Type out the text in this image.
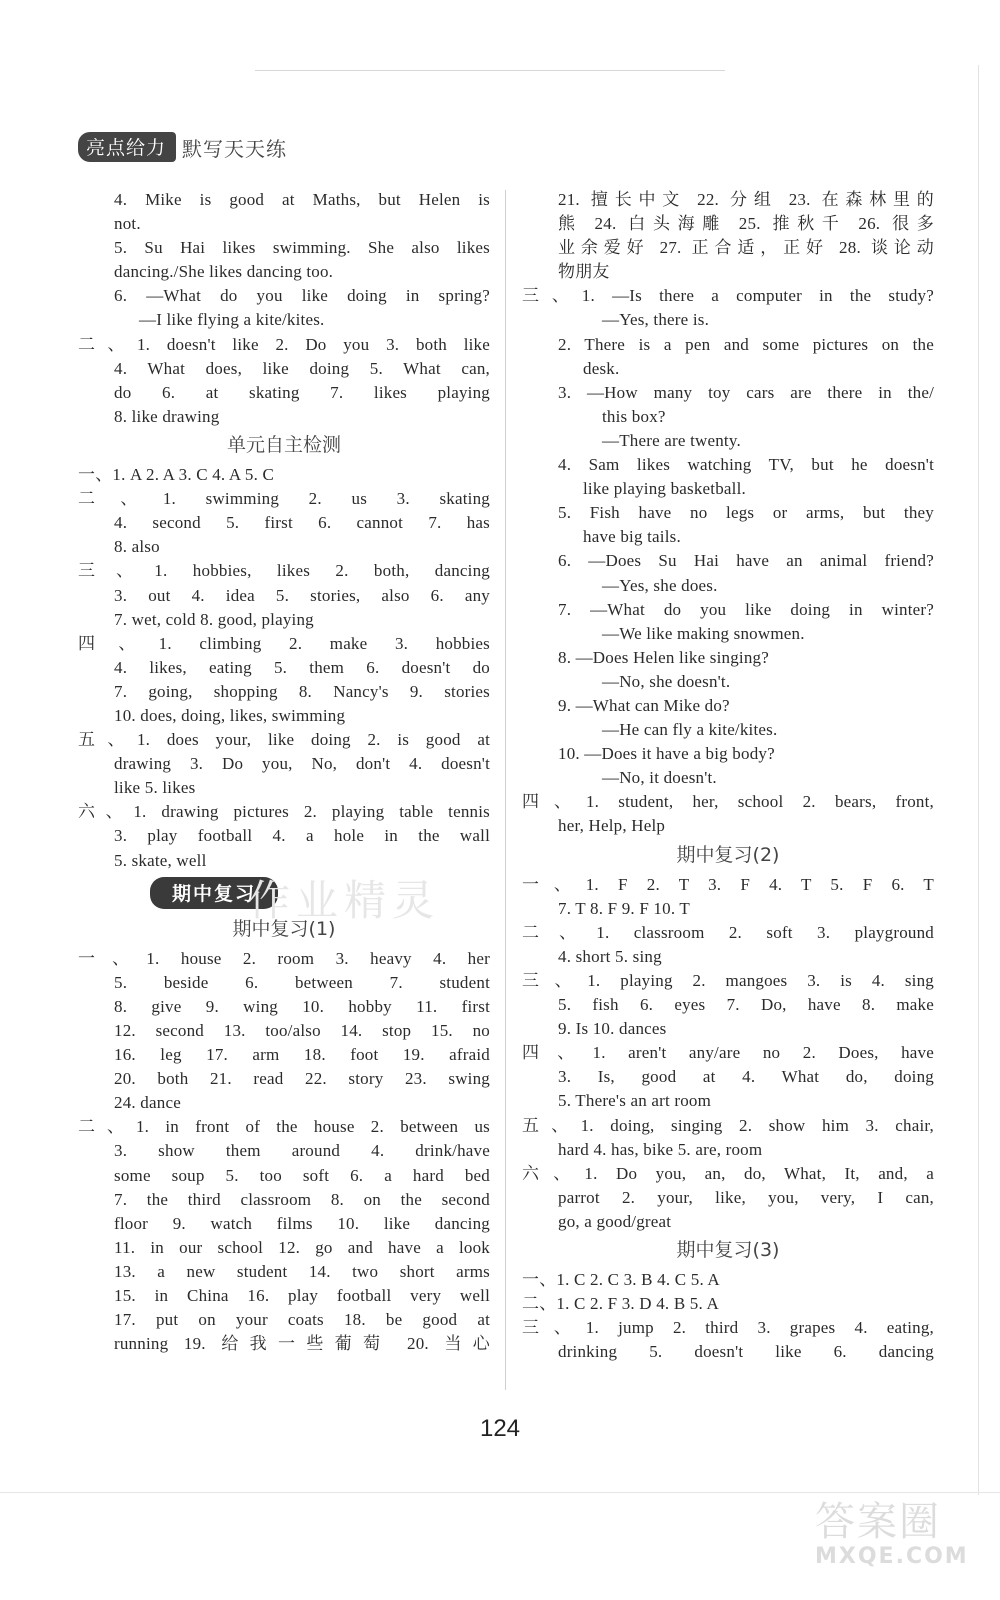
亮点给力 默写天天练
4. Mike is good at Maths, but Helen is
not.
5. Su Hai likes swimming. She also likes
dancing./She likes dancing too.
6. —What do you like doing in spring?
—I like flying a kite/kites.
二、1. doesn't like 2. Do you 3. both like
4. What does, like doing 5. What can,
do 6. at skating 7. likes playing
8. like drawing
单元自主检测
一、1. A 2. A 3. C 4. A 5. C
二、1. swimming 2. us 3. skating
4. second 5. first 6. cannot 7. has
8. also
三、1. hobbies, likes 2. both, dancing
3. out 4. idea 5. stories, also 6. any
7. wet, cold 8. good, playing
四、1. climbing 2. make 3. hobbies
4. likes, eating 5. them 6. doesn't do
7. going, shopping 8. Nancy's 9. stories
10. does, doing, likes, swimming
五、1. does your, like doing 2. is good at
drawing 3. Do you, No, don't 4. doesn't
like 5. likes
六、1. drawing pictures 2. playing table tennis
3. play football 4. a hole in the wall
5. skate, well
期中复习
期中复习(1)
一、1. house 2. room 3. heavy 4. her
5. beside 6. between 7. student
8. give 9. wing 10. hobby 11. first
12. second 13. too/also 14. stop 15. no
16. leg 17. arm 18. foot 19. afraid
20. both 21. read 22. story 23. swing
24. dance
二、1. in front of the house 2. between us
3. show them around 4. drink/have
some soup 5. too soft 6. a hard bed
7. the third classroom 8. on the second
floor 9. watch films 10. like dancing
11. in our school 12. go and have a look
13. a new student 14. two short arms
15. in China 16. play football very well
17. put on your coats 18. be good at
running 19. 给我一些葡萄 20. 当心
21. 擅长中文 22. 分组 23. 在森林里的
熊 24. 白头海雕 25. 推秋千 26. 很多
业余爱好 27. 正合适，正好 28. 谈论动
物朋友
三、1. —Is there a computer in the study?
—Yes, there is.
2. There is a pen and some pictures on the
desk.
3. —How many toy cars are there in the/
this box?
—There are twenty.
4. Sam likes watching TV, but he doesn't
like playing basketball.
5. Fish have no legs or arms, but they
have big tails.
6. —Does Su Hai have an animal friend?
—Yes, she does.
7. —What do you like doing in winter?
—We like making snowmen.
8. —Does Helen like singing?
—No, she doesn't.
9. —What can Mike do?
—He can fly a kite/kites.
10. —Does it have a big body?
—No, it doesn't.
四、1. student, her, school 2. bears, front,
her, Help, Help
期中复习(2)
一、1. F 2. T 3. F 4. T 5. F 6. T
7. T 8. F 9. F 10. T
二、1. classroom 2. soft 3. playground
4. short 5. sing
三、1. playing 2. mangoes 3. is 4. sing
5. fish 6. eyes 7. Do, have 8. make
9. Is 10. dances
四、1. aren't any/are no 2. Does, have
3. Is, good at 4. What do, doing
5. There's an art room
五、1. doing, singing 2. show him 3. chair,
hard 4. has, bike 5. are, room
六、1. Do you, an, do, What, It, and, a
parrot 2. your, like, you, very, I can,
go, a good/great
期中复习(3)
一、1. C 2. C 3. B 4. C 5. A
二、1. C 2. F 3. D 4. B 5. A
三、1. jump 2. third 3. grapes 4. eating,
drinking 5. doesn't like 6. dancing
124
作业精灵
答案圈
MXQE.COM
